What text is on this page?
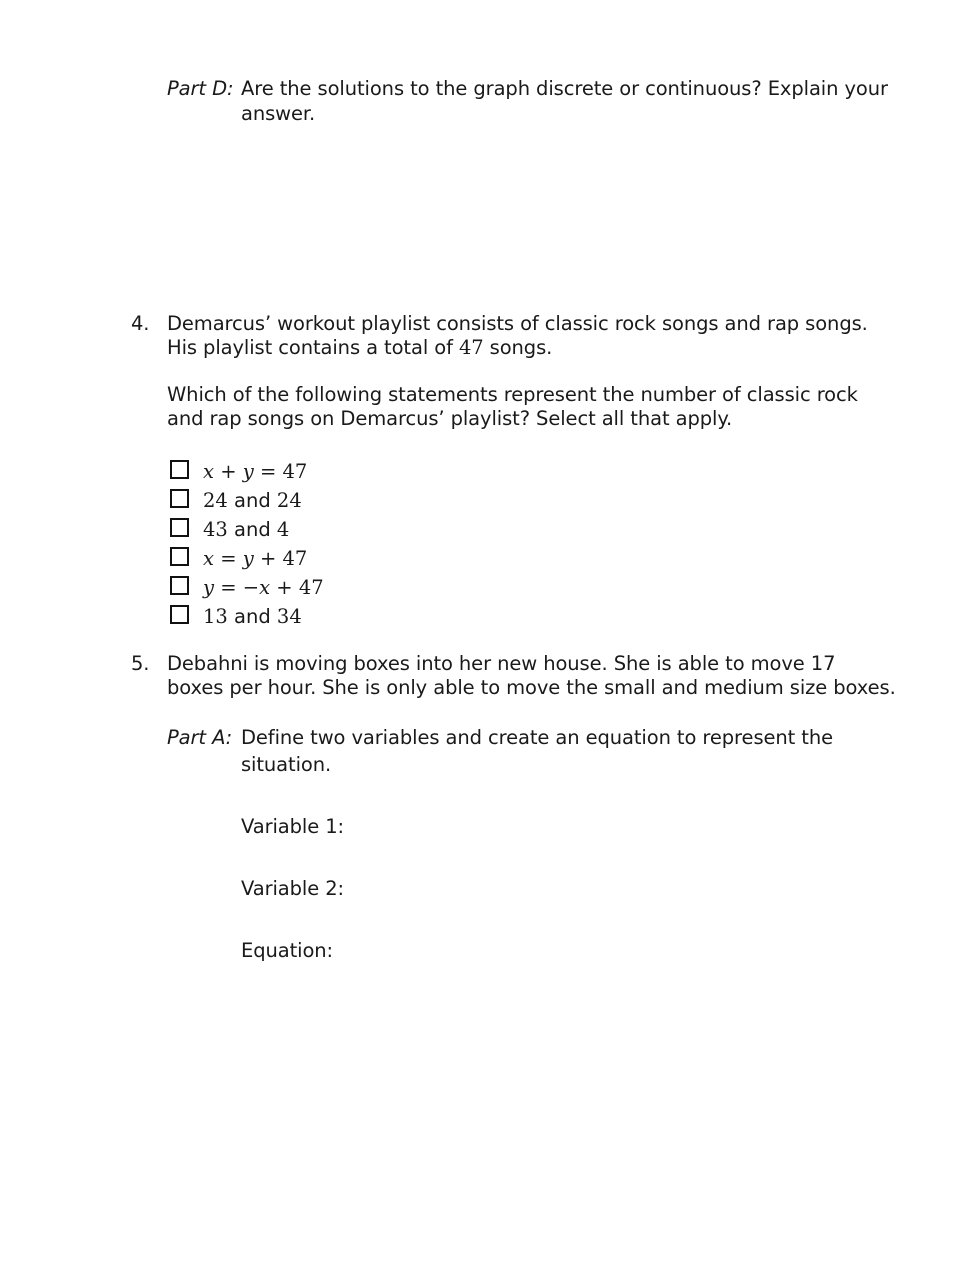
Part D: Are the solutions to the graph discrete or continuous? Explain your
answer.
4. Demarcus’ workout playlist consists of classic rock songs and rap songs.
His playlist contains a total of 47 songs.
Which of the following statements represent the number of classic rock
and rap songs on Demarcus’ playlist? Select all that apply.
x + y = 47
24 and 24
43 and 4
x = y + 47
y = −x + 47
13 and 34
5. Debahni is moving boxes into her new house. She is able to move 17
boxes per hour. She is only able to move the small and medium size boxes.
Part A: Define two variables and create an equation to represent the
situation.
Variable 1:
Variable 2:
Equation:
